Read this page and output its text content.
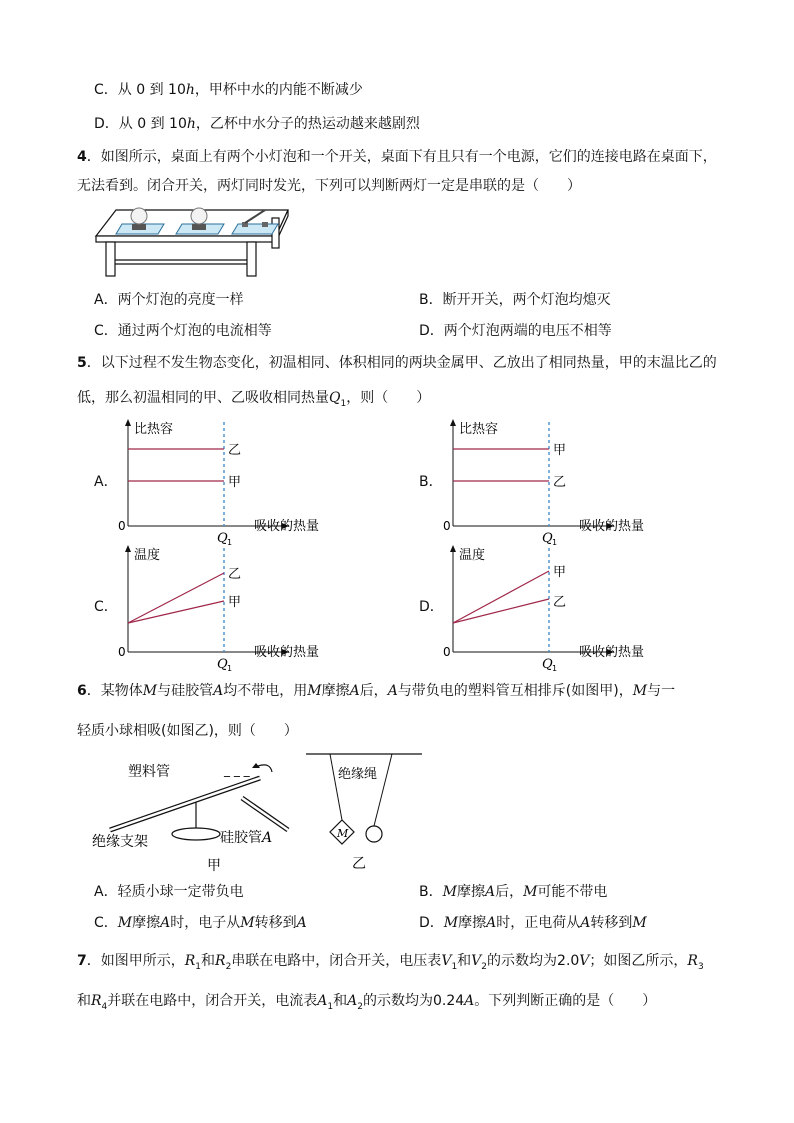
C．从 0 到 10h，甲杯中水的内能不断减少
D．从 0 到 10h，乙杯中水分子的热运动越来越剧烈
4．如图所示，桌面上有两个小灯泡和一个开关，桌面下有且只有一个电源，它们的连接电路在桌面下，
无法看到。闭合开关，两灯同时发光，下列可以判断两灯一定是串联的是（　　）
A．两个灯泡的亮度一样	B．断开开关，两个灯泡均熄灭
C．通过两个灯泡的电流相等	D．两个灯泡两端的电压不相等
5．以下过程不发生物态变化，初温相同、体积相同的两块金属甲、乙放出了相同热量，甲的末温比乙的
低，那么初温相同的甲、乙吸收相同热量$Q_1$，则（　　）
A．
比热容
乙
甲
0	吸收的热量
Q 1
B．
比热容
甲
乙
0	吸收的热量
Q 1
C．
温度
乙
甲
0	吸收的热量
Q 1
D．
温度
甲
乙
0	吸收的热量
Q 1
6．某物体M与硅胶管A均不带电，用M摩擦A后，A与带负电的塑料管互相排斥(如图甲)，M与一
轻质小球相吸(如图乙)，则（　　）
塑料管	_ _ _
绝缘支架	硅胶管 A
甲
绝缘绳
M
乙
A．轻质小球一定带负电	B．M摩擦A后，M可能不带电
C．M摩擦A时，电子从M转移到A	D．M摩擦A时，正电荷从A转移到M
7．如图甲所示，$R_1$和$R_2$串联在电路中，闭合开关，电压表$V_1$和$V_2$的示数均为2.0V；如图乙所示，$R_3$
和$R_4$并联在电路中，闭合开关，电流表$A_1$和$A_2$的示数均为0.24A。下列判断正确的是（　　）
